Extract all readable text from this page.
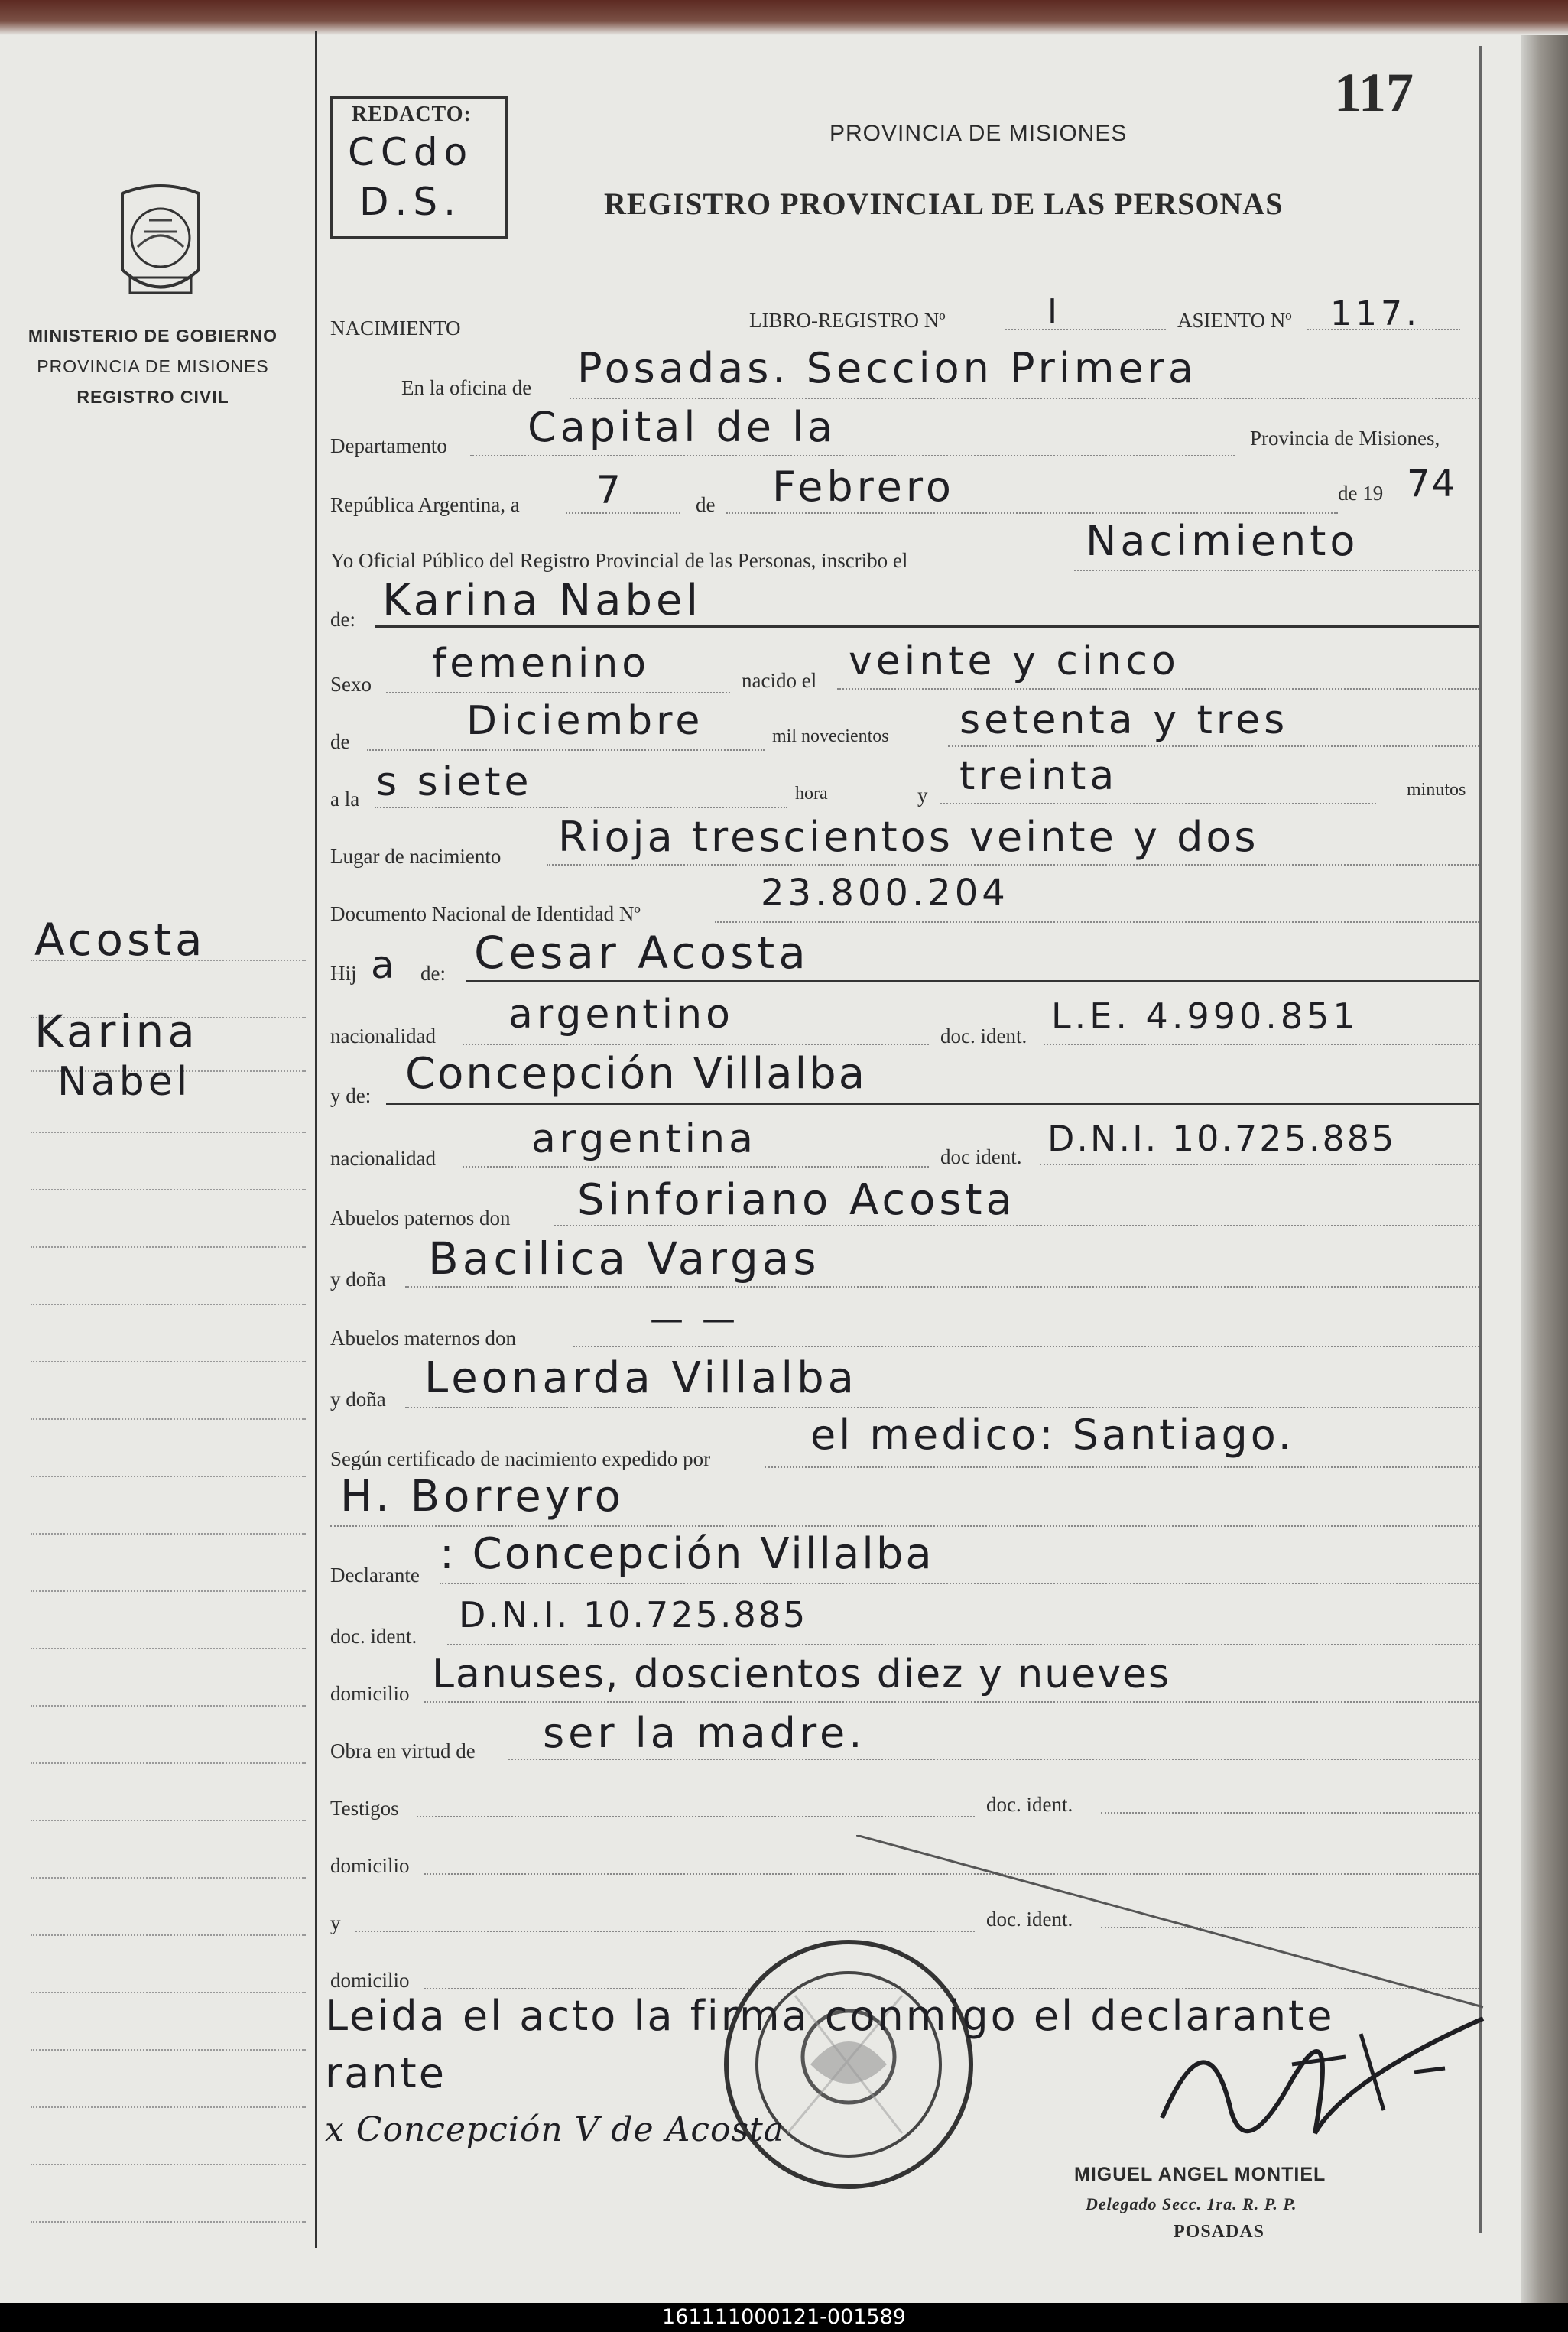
117
REDACTO:
CCdo
D.S.
PROVINCIA DE MISIONES
REGISTRO PROVINCIAL DE LAS PERSONAS
MINISTERIO DE GOBIERNO
PROVINCIA DE MISIONES
REGISTRO CIVIL
Acosta
Karina
Nabel
NACIMIENTO	LIBRO-REGISTRO Nº	I	ASIENTO Nº 117.
En la oficina de Posadas. Seccion Primera
Departamento Capital de la	Provincia de Misiones,
República Argentina, a 7	de Febrero	de 19 74
Yo Oficial Público del Registro Provincial de las Personas, inscribo el	Nacimiento
de: Karina Nabel
Sexo femenino	nacido el veinte y cinco
de	Diciembre	mil novecientos setenta y tres
a la s siete	hora	y treinta	minutos
Lugar de nacimiento Rioja trescientos veinte y dos
Documento Nacional de Identidad Nº	23.800.204
Hij a de: Cesar Acosta
nacionalidad argentino	doc. ident. L.E. 4.990.851
y de: Concepción Villalba
nacionalidad argentina	doc ident. D.N.I. 10.725.885
Abuelos paternos don Sinforiano Acosta
y doña Bacilica Vargas
Abuelos maternos don	— —
y doña Leonarda Villalba
Según certificado de nacimiento expedido por el medico: Santiago.
H. Borreyro
Declarante : Concepción Villalba
doc. ident.
D.N.I. 10.725.885
domicilio Lanuses, doscientos diez y nueves
Obra en virtud de ser la madre.
Testigos	doc. ident.
domicilio
y	doc. ident.
domicilio
Leida el acto la firma conmigo el declarante
rante
x Concepción V de Acosta
MIGUEL ANGEL MONTIEL
Delegado Secc. 1ra. R. P. P.
POSADAS
161111000121-001589
